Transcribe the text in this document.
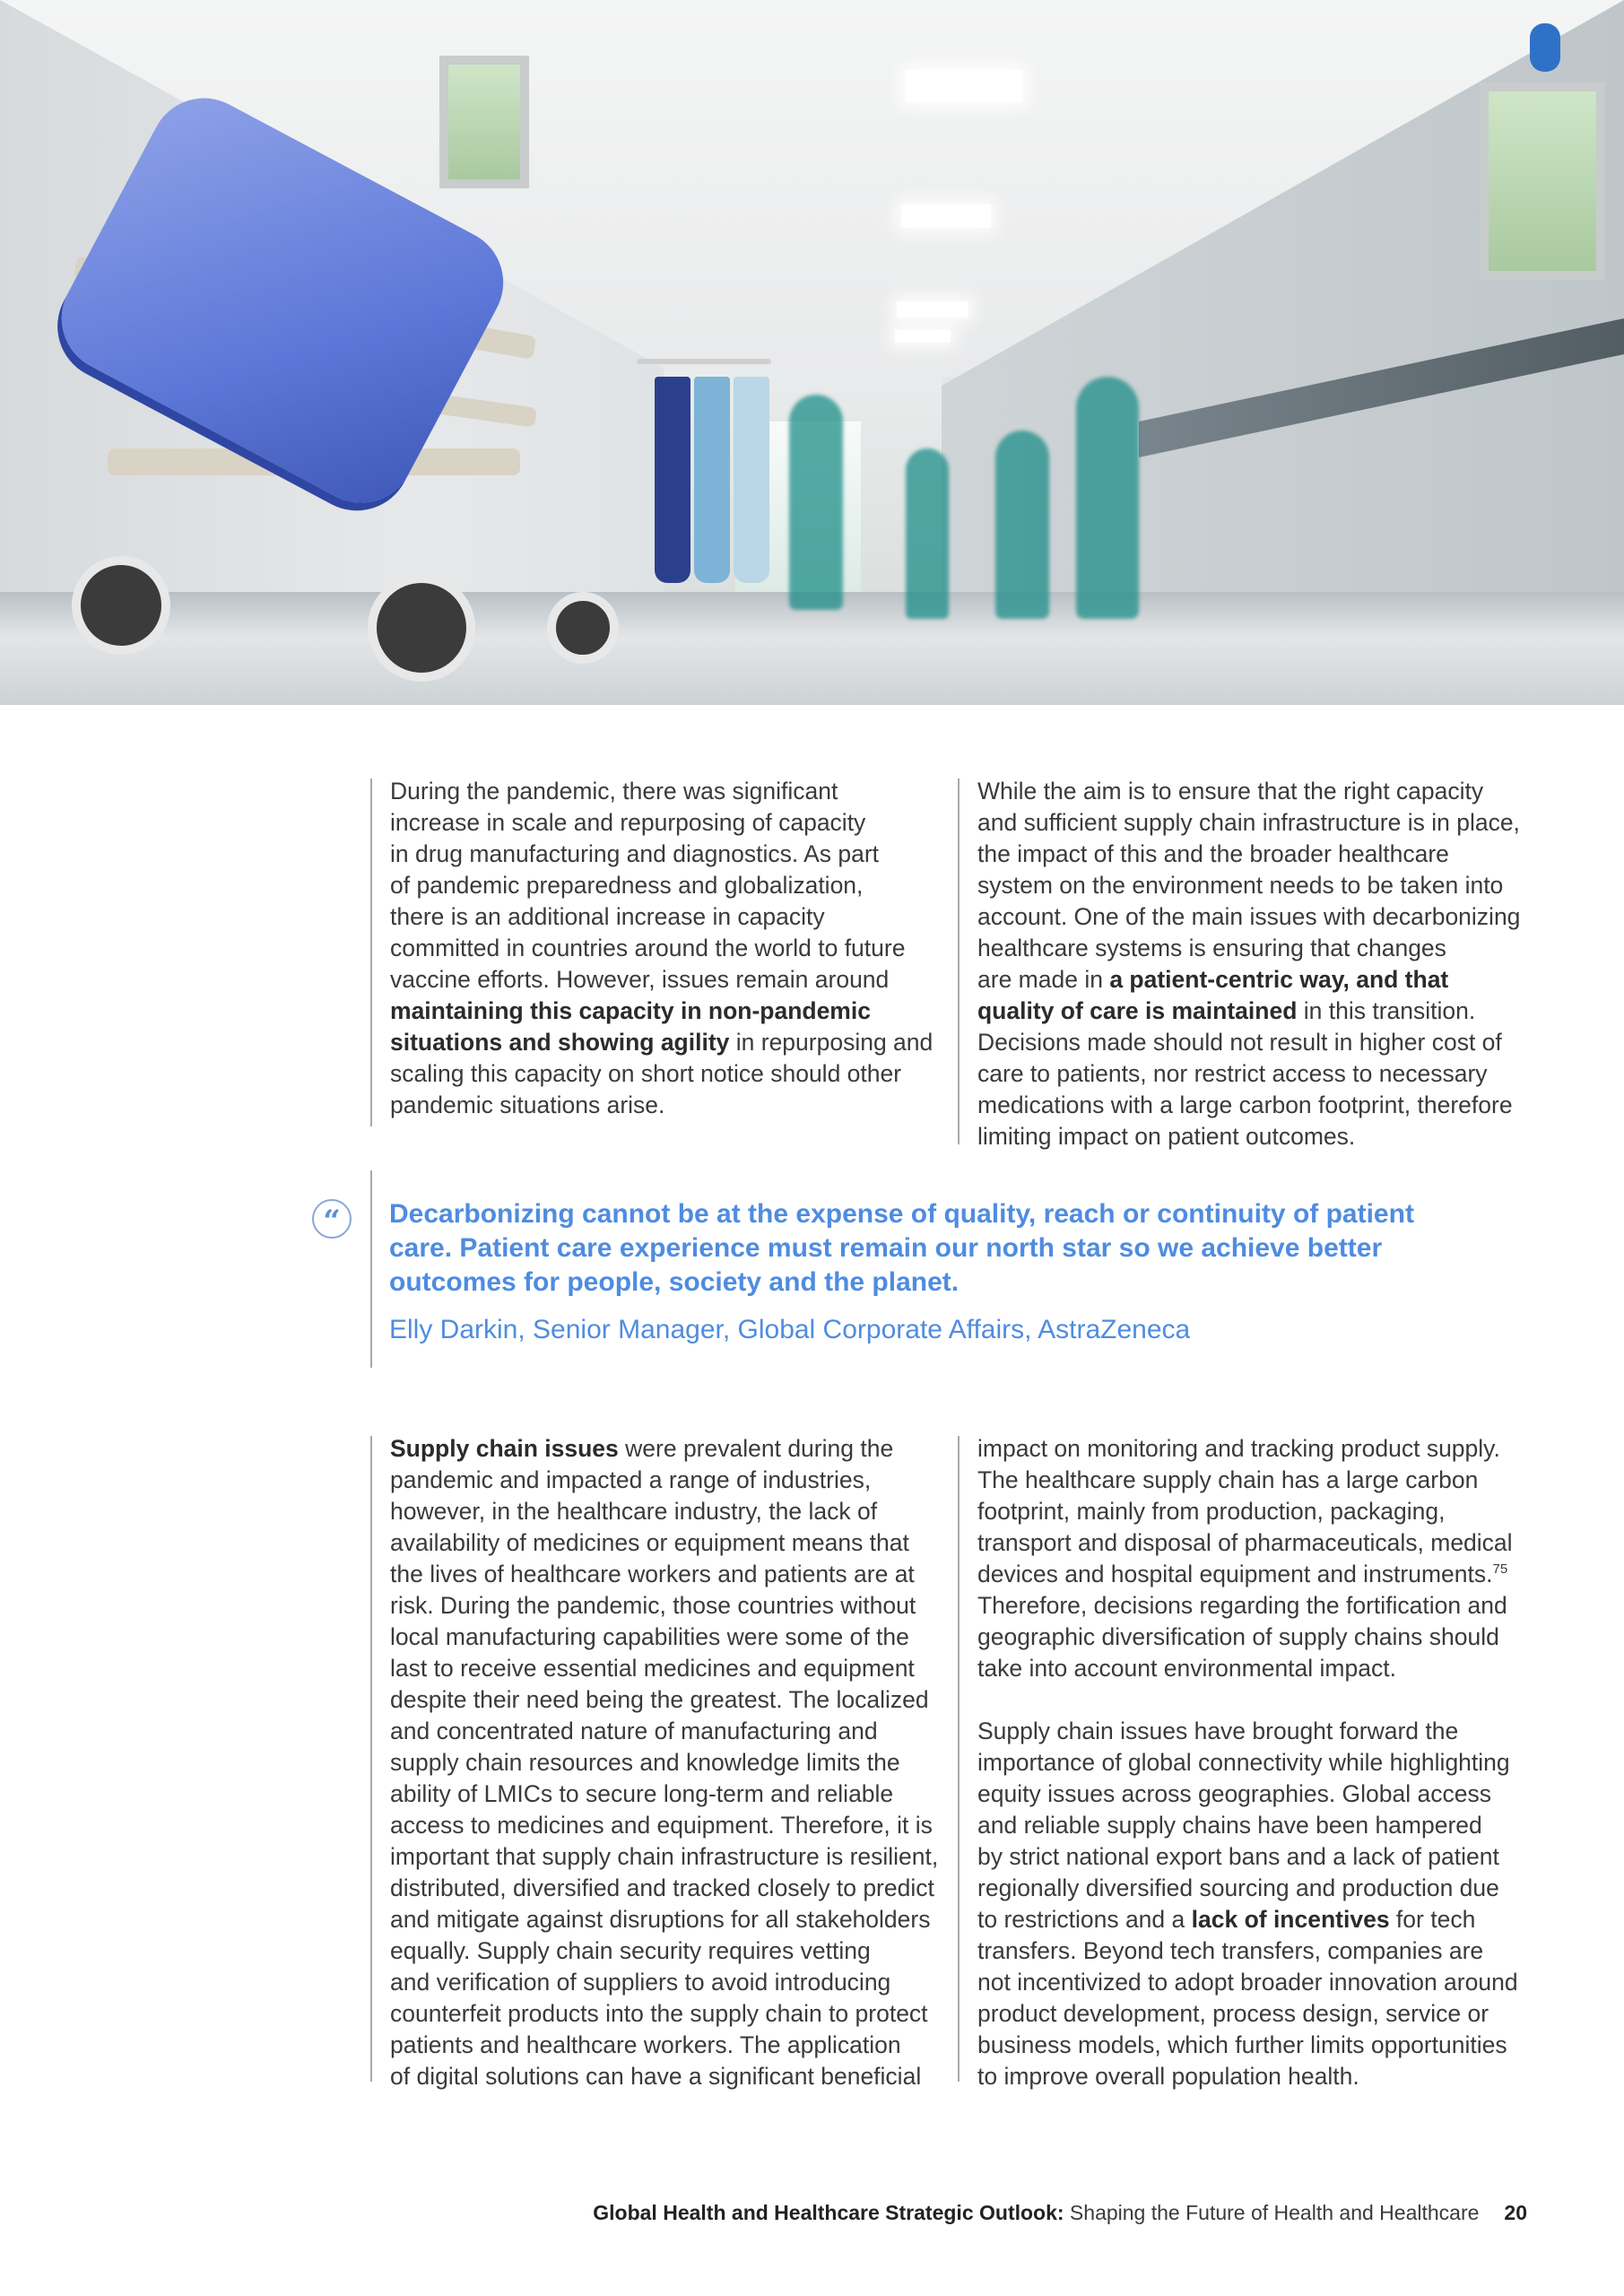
During the pandemic, there was significant
increase in scale and repurposing of capacity
in drug manufacturing and diagnostics. As part
of pandemic preparedness and globalization,
there is an additional increase in capacity
committed in countries around the world to future
vaccine efforts. However, issues remain around
maintaining this capacity in non-pandemic
situations and showing agility in repurposing and
scaling this capacity on short notice should other
pandemic situations arise.

While the aim is to ensure that the right capacity
and sufficient supply chain infrastructure is in place,
the impact of this and the broader healthcare
system on the environment needs to be taken into
account. One of the main issues with decarbonizing
healthcare systems is ensuring that changes
are made in a patient-centric way, and that
quality of care is maintained in this transition.
Decisions made should not result in higher cost of
care to patients, nor restrict access to necessary
medications with a large carbon footprint, therefore
limiting impact on patient outcomes.

“	Decarbonizing cannot be at the expense of quality, reach or continuity of patient care. Patient care experience must remain our north star so we achieve better outcomes for people, society and the planet.

Elly Darkin, Senior Manager, Global Corporate Affairs, AstraZeneca

Supply chain issues were prevalent during the
pandemic and impacted a range of industries,
however, in the healthcare industry, the lack of
availability of medicines or equipment means that
the lives of healthcare workers and patients are at
risk. During the pandemic, those countries without
local manufacturing capabilities were some of the
last to receive essential medicines and equipment
despite their need being the greatest. The localized
and concentrated nature of manufacturing and
supply chain resources and knowledge limits the
ability of LMICs to secure long-term and reliable
access to medicines and equipment. Therefore, it is
important that supply chain infrastructure is resilient,
distributed, diversified and tracked closely to predict
and mitigate against disruptions for all stakeholders
equally. Supply chain security requires vetting
and verification of suppliers to avoid introducing
counterfeit products into the supply chain to protect
patients and healthcare workers. The application
of digital solutions can have a significant beneficial

impact on monitoring and tracking product supply.
The healthcare supply chain has a large carbon
footprint, mainly from production, packaging,
transport and disposal of pharmaceuticals, medical
devices and hospital equipment and instruments.$^{75}$
Therefore, decisions regarding the fortification and
geographic diversification of supply chains should
take into account environmental impact.

Supply chain issues have brought forward the
importance of global connectivity while highlighting
equity issues across geographies. Global access
and reliable supply chains have been hampered
by strict national export bans and a lack of patient
regionally diversified sourcing and production due
to restrictions and a lack of incentives for tech
transfers. Beyond tech transfers, companies are
not incentivized to adopt broader innovation around
product development, process design, service or
business models, which further limits opportunities
to improve overall population health.

Global Health and Healthcare Strategic Outlook: Shaping the Future of Health and Healthcare 20
